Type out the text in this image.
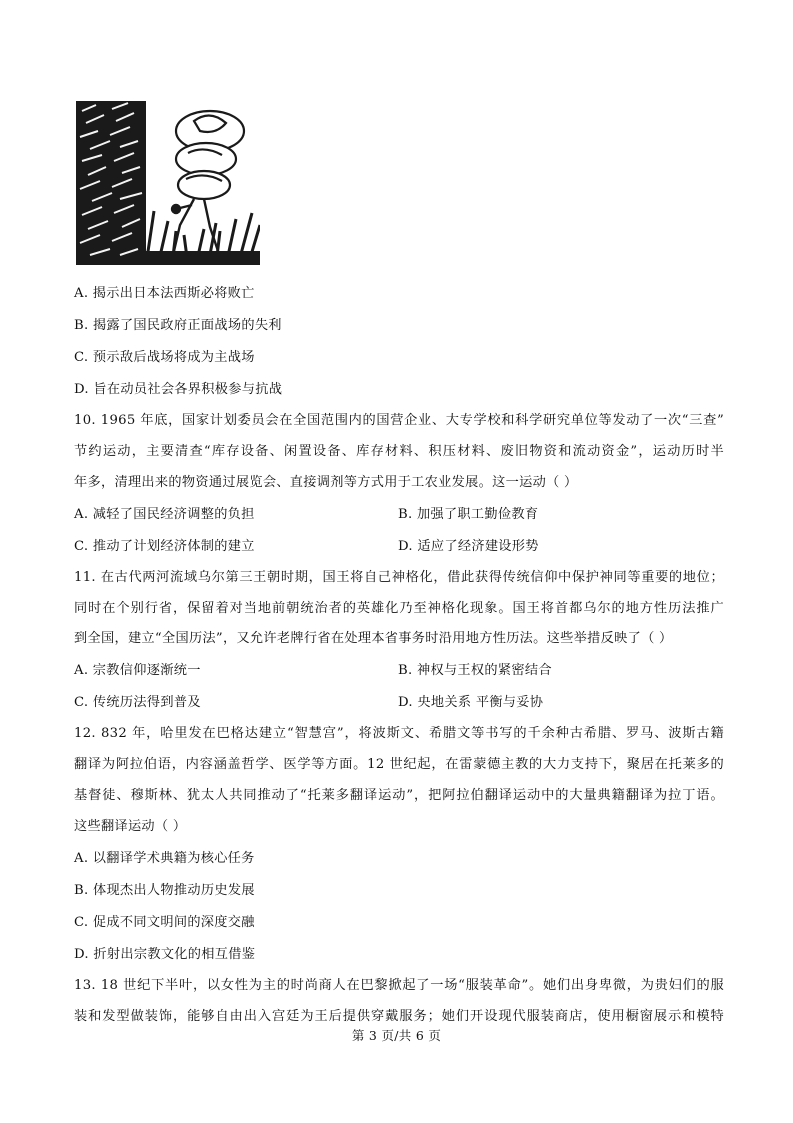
A. 揭示出日本法西斯必将败亡
B. 揭露了国民政府正面战场的失利
C. 预示敌后战场将成为主战场
D. 旨在动员社会各界积极参与抗战
10. 1965 年底，国家计划委员会在全国范围内的国营企业、大专学校和科学研究单位等发动了一次“三查”
节约运动，主要清查“库存设备、闲置设备、库存材料、积压材料、废旧物资和流动资金”，运动历时半
年多，清理出来的物资通过展览会、直接调剂等方式用于工农业发展。这一运动（ ）
A. 减轻了国民经济调整的负担	B. 加强了职工勤俭教育
C. 推动了计划经济体制的建立	D. 适应了经济建设形势
11. 在古代两河流域乌尔第三王朝时期，国王将自己神格化，借此获得传统信仰中保护神同等重要的地位；
同时在个别行省，保留着对当地前朝统治者的英雄化乃至神格化现象。国王将首都乌尔的地方性历法推广
到全国，建立“全国历法”，又允许老牌行省在处理本省事务时沿用地方性历法。这些举措反映了（ ）
A. 宗教信仰逐渐统一	B. 神权与王权的紧密结合
C. 传统历法得到普及	D. 央地关系 平衡与妥协
12. 832 年，哈里发在巴格达建立“智慧宫”，将波斯文、希腊文等书写的千余种古希腊、罗马、波斯古籍
翻译为阿拉伯语，内容涵盖哲学、医学等方面。12 世纪起，在雷蒙德主教的大力支持下，聚居在托莱多的
基督徒、穆斯林、犹太人共同推动了“托莱多翻译运动”，把阿拉伯翻译运动中的大量典籍翻译为拉丁语。
这些翻译运动（ ）
A. 以翻译学术典籍为核心任务
B. 体现杰出人物推动历史发展
C. 促成不同文明间的深度交融
D. 折射出宗教文化的相互借鉴
13. 18 世纪下半叶，以女性为主的时尚商人在巴黎掀起了一场“服装革命”。她们出身卑微，为贵妇们的服
装和发型做装饰，能够自由出入宫廷为王后提供穿戴服务；她们开设现代服装商店，使用橱窗展示和模特
第 3 页/共 6 页
